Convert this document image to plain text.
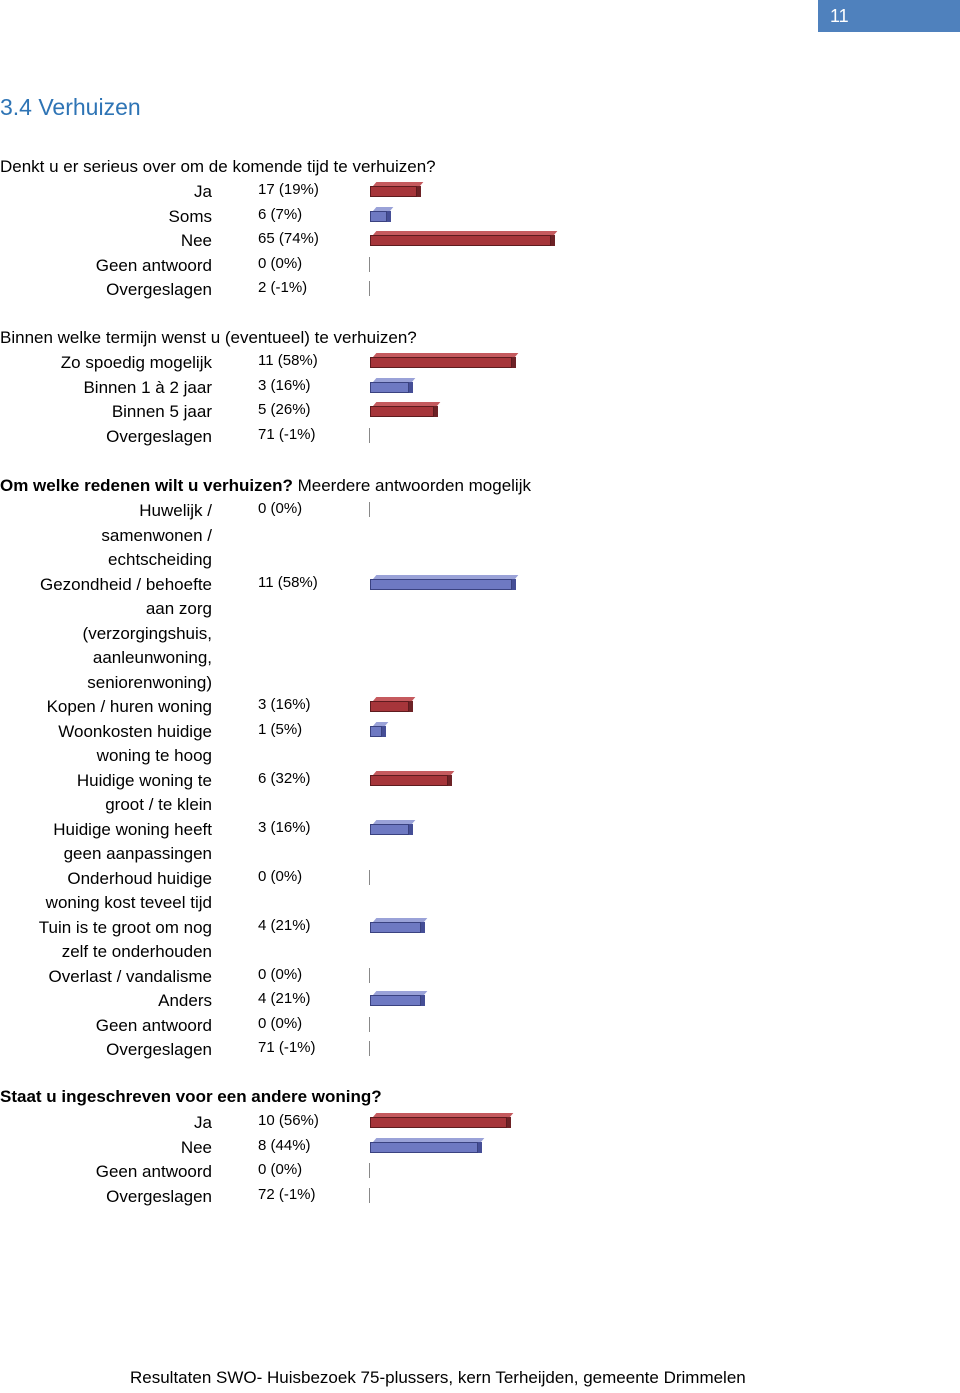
11
3.4 Verhuizen
Denkt u er serieus over om de komende tijd te verhuizen?
Ja	17 (19%)
Soms	6 (7%)
Nee	65 (74%)
Geen antwoord	0 (0%)
Overgeslagen	2 (-1%)
Binnen welke termijn wenst u (eventueel) te verhuizen?
Zo spoedig mogelijk	11 (58%)
Binnen 1 à 2 jaar	3 (16%)
Binnen 5 jaar	5 (26%)
Overgeslagen	71 (-1%)
Om welke redenen wilt u verhuizen? Meerdere antwoorden mogelijk
Huwelijk /
samenwonen /
echtscheiding
0 (0%)
Gezondheid / behoefte
aan zorg
(verzorgingshuis,
aanleunwoning,
seniorenwoning)
11 (58%)
Kopen / huren woning	3 (16%)
Woonkosten huidige
woning te hoog
1 (5%)
Huidige woning te
groot / te klein
6 (32%)
Huidige woning heeft
geen aanpassingen
3 (16%)
Onderhoud huidige
woning kost teveel tijd
0 (0%)
Tuin is te groot om nog
zelf te onderhouden
4 (21%)
Overlast / vandalisme	0 (0%)
Anders	4 (21%)
Geen antwoord	0 (0%)
Overgeslagen	71 (-1%)
Staat u ingeschreven voor een andere woning?
Ja	10 (56%)
Nee	8 (44%)
Geen antwoord	0 (0%)
Overgeslagen	72 (-1%)
Resultaten SWO- Huisbezoek 75-plussers, kern Terheijden, gemeente Drimmelen
